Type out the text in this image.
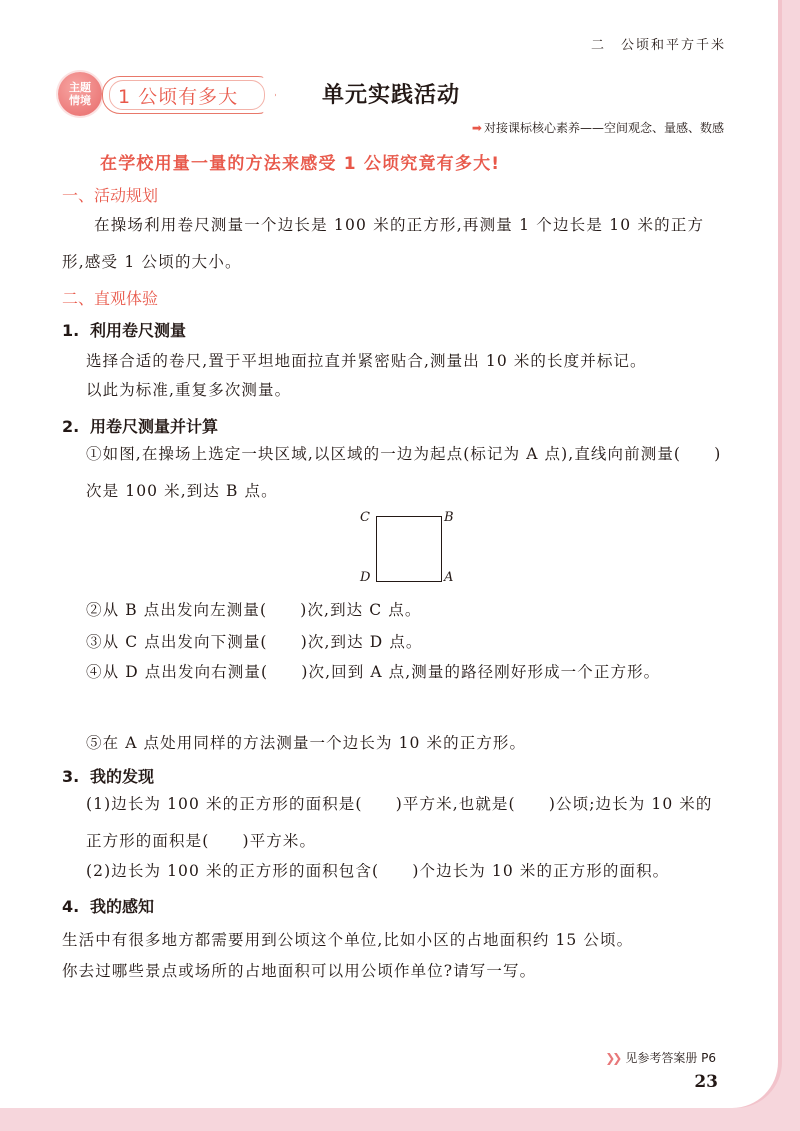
二　公顷和平方千米
主题情境 1 公顷有多大	单元实践活动
➡ 对接课标核心素养——空间观念、量感、数感
在学校用量一量的方法来感受 1 公顷究竟有多大!
一、活动规划
在操场利用卷尺测量一个边长是 100 米的正方形,再测量 1 个边长是 10 米的正方形,感受 1 公顷的大小。
二、直观体验
1. 利用卷尺测量
选择合适的卷尺,置于平坦地面拉直并紧密贴合,测量出 10 米的长度并标记。
以此为标准,重复多次测量。
2. 用卷尺测量并计算
①如图,在操场上选定一块区域,以区域的一边为起点(标记为 A 点),直线向前测量(　　)次是 100 米,到达 B 点。
C	B
D	A
②从 B 点出发向左测量(　　)次,到达 C 点。
③从 C 点出发向下测量(　　)次,到达 D 点。
④从 D 点出发向右测量(　　)次,回到 A 点,测量的路径刚好形成一个正方形。
⑤在 A 点处用同样的方法测量一个边长为 10 米的正方形。
3. 我的发现
(1)边长为 100 米的正方形的面积是(　　)平方米,也就是(　　)公顷;边长为 10 米的正方形的面积是(　　)平方米。
(2)边长为 100 米的正方形的面积包含(　　)个边长为 10 米的正方形的面积。
4. 我的感知
生活中有很多地方都需要用到公顷这个单位,比如小区的占地面积约 15 公顷。
你去过哪些景点或场所的占地面积可以用公顷作单位?请写一写。
❯❯ 见参考答案册 P6
23
